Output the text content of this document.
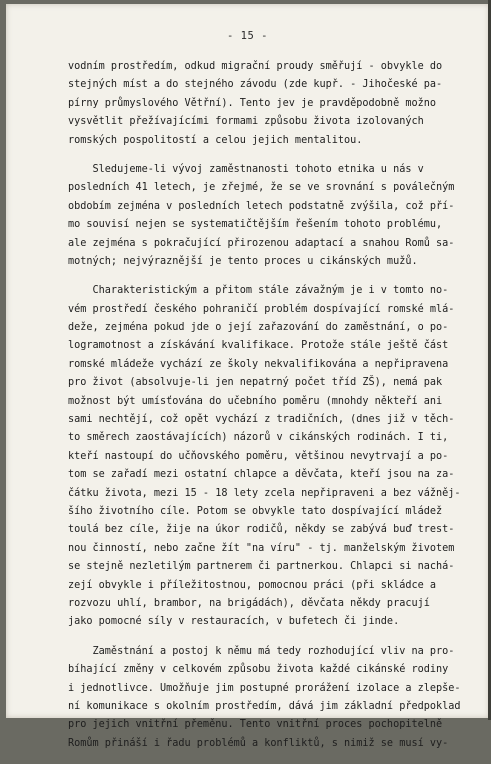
- 15 -
vodním prostředím, odkud migrační proudy směřují - obvykle do
stejných míst a do stejného závodu (zde kupř. - Jihočeské pa-
pírny průmyslového Větřní). Tento jev je pravděpodobně možno
vysvětlit přežívajícími formami způsobu života izolovaných
romských pospolitostí a celou jejich mentalitou.
Sledujeme-li vývoj zaměstnanosti tohoto etnika u nás v
posledních 41 letech, je zřejmé, že se ve srovnání s poválečným
obdobím zejména v posledních letech podstatně zvýšila, což pří-
mo souvisí nejen se systematičtějším řešením tohoto problému,
ale zejména s pokračující přirozenou adaptací a snahou Romů sa-
motných; nejvýraznější je tento proces u cikánských mužů.
Charakteristickým a přitom stále závažným je i v tomto no-
vém prostředí českého pohraničí problém dospívající romské mlá-
deže, zejména pokud jde o její zařazování do zaměstnání, o po-
logramotnost a získávání kvalifikace. Protože stále ještě část
romské mládeže vychází ze školy nekvalifikována a nepřipravena
pro život (absolvuje-li jen nepatrný počet tříd ZŠ), nemá pak
možnost být umísťována do učebního poměru (mnohdy někteří ani
sami nechtějí, což opět vychází z tradičních, (dnes již v těch-
to směrech zaostávajících) názorů v cikánských rodinách. I ti,
kteří nastoupí do učňovského poměru, většinou nevytrvají a po-
tom se zařadí mezi ostatní chlapce a děvčata, kteří jsou na za-
čátku života, mezi 15 - 18 lety zcela nepřipraveni a bez vážněj-
šího životního cíle. Potom se obvykle tato dospívající mládež
toulá bez cíle, žije na úkor rodičů, někdy se zabývá buď trest-
nou činností, nebo začne žít "na víru" - tj. manželským životem
se stejně nezletilým partnerem či partnerkou. Chlapci si nachá-
zejí obvykle i příležitostnou, pomocnou práci (při skládce a
rozvozu uhlí, brambor, na brigádách), děvčata někdy pracují
jako pomocné síly v restauracích, v bufetech či jinde.
Zaměstnání a postoj k němu má tedy rozhodující vliv na pro-
bíhající změny v celkovém způsobu života každé cikánské rodiny
i jednotlivce. Umožňuje jim postupné prorážení izolace a zlepše-
ní komunikace s okolním prostředím, dává jim základní předpoklad
pro jejich vnitřní přeměnu. Tento vnitřní proces pochopitelně
Romům přináší i řadu problémů a konfliktů, s nimiž se musí vy-
